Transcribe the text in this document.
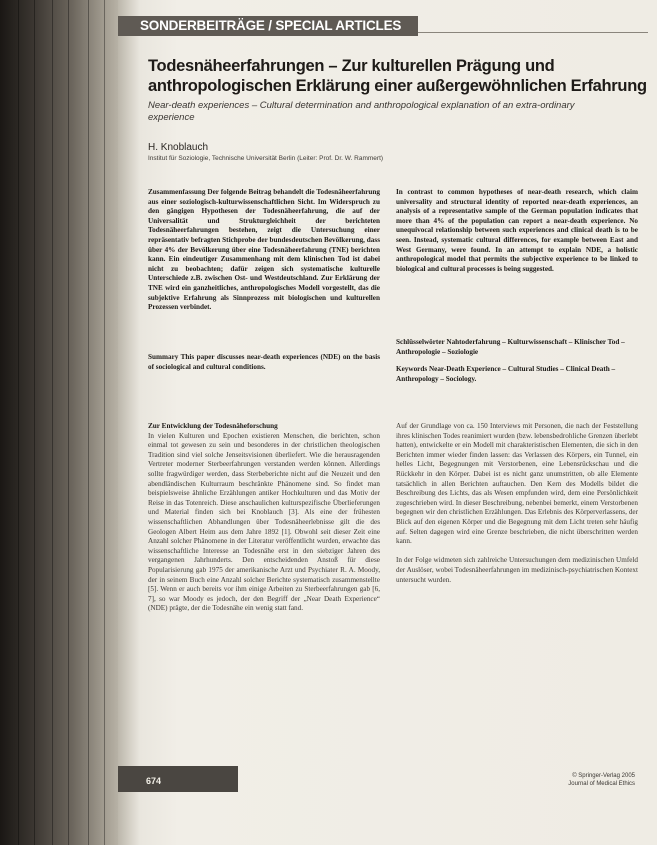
SONDERBEITRÄGE / SPECIAL ARTICLES
Todesnäheerfahrungen – Zur kulturellen Prägung und anthropologischen Erklärung einer außergewöhnlichen Erfahrung
Near-death experiences – Cultural determination and anthropological explanation of an extra-ordinary experience
H. Knoblauch
Institut für Soziologie, Technische Universität Berlin (Leiter: Prof. Dr. W. Rammert)

Zusammenfassung Der folgende Beitrag behandelt die Todesnäheerfahrung aus einer soziologisch-kulturwissenschaftlichen Sicht. Im Widerspruch zu den gängigen Hypothesen der Todesnäheerfahrung, die auf der Universalität und Strukturgleichheit der berichteten Todesnäheerfahrungen bestehen, zeigt die Untersuchung einer repräsentativ befragten Stichprobe der bundesdeutschen Bevölkerung, dass über 4% der Bevölkerung über eine Todesnäheerfahrung (TNE) berichten kann. Ein eindeutiger Zusammenhang mit dem klinischen Tod ist dabei nicht zu beobachten; dafür zeigen sich systematische kulturelle Unterschiede z.B. zwischen Ost- und Westdeutschland. Zur Erklärung der TNE wird ein ganzheitliches, anthropologisches Modell vorgestellt, das die subjektive Erfahrung als Sinnprozess mit biologischen und kulturellen Prozessen verbindet.

Summary This paper discusses near-death experiences (NDE) on the basis of sociological and cultural conditions.

In contrast to common hypotheses of near-death research, which claim universality and structural identity of reported near-death experiences, an analysis of a representative sample of the German population indicates that more than 4% of the population can report a near-death experience. No unequivocal relationship between such experiences and clinical death is to be seen. Instead, systematic cultural differences, for example between East and West Germany, were found. In an attempt to explain NDE, a holistic anthropological model that permits the subjective experience to be linked to biological and cultural processes is being suggested.

Schlüsselwörter Nahtoderfahrung – Kulturwissenschaft – Klinischer Tod – Anthropologie – Soziologie
Keywords Near-Death Experience – Cultural Studies – Clinical Death – Anthropology – Sociology.
Zur Entwicklung der Todesnäheforschung

In vielen Kulturen und Epochen existieren Menschen, die berichten, schon einmal tot gewesen zu sein und besonderes in der christlichen theologischen Tradition sind viel solche Jenseitsvisionen überliefert. Wie die herausragenden Vertreter moderner Sterbeerfahrungen verstanden werden können. Allerdings sollte fragwürdiger werden, dass Sterbeberichte nicht auf die Neuzeit und den abendländischen Kulturraum beschränkte Phänomene sind. So findet man beispielsweise ähnliche Erzählungen antiker Hochkulturen und das Motiv der Reise in das Totenreich. Diese anschaulichen kulturspezifische Überlieferungen und Material finden sich bei Knoblauch [3]. Als eine der frühesten wissenschaftlichen Abhandlungen über Todesnäheerlebnisse gilt die des Geologen Albert Heim aus dem Jahre 1892 [1]. Obwohl seit dieser Zeit eine Anzahl solcher Phänomene in der Literatur veröffentlicht wurden, erwachte das wissenschaftliche Interesse an Todesnähe erst in den siebziger Jahren des vergangenen Jahrhunderts. Den entscheidenden Anstoß für diese Popularisierung gab 1975 der amerikanische Arzt und Psychiater R. A. Moody, der in seinem Buch eine Anzahl solcher Berichte systematisch zusammenstellte [5]. Wenn er auch bereits vor ihm einige Arbeiten zu Sterbeerfahrungen gab [6, 7], so war Moody es jedoch, der den Begriff der „Near Death Experience“ (NDE) prägte, der die Todesnähe ein wenig statt fand.

Auf der Grundlage von ca. 150 Interviews mit Personen, die nach der Feststellung ihres klinischen Todes reanimiert wurden (bzw. lebensbedrohliche Grenzen überlebt hatten), entwickelte er ein Modell mit charakteristischen Elementen, die sich in den Berichten immer wieder finden lassen: das Verlassen des Körpers, ein Tunnel, ein helles Licht, Begegnungen mit Verstorbenen, eine Lebensrückschau und die Rückkehr in den Körper. Dabei ist es nicht ganz unumstritten, ob alle Elemente tatsächlich in allen Berichten auftauchen. Den Kern des Modells bildet die Beschreibung des Lichts, das als Wesen empfunden wird, dem eine Persönlichkeit zugeschrieben wird. In dieser Beschreibung, nebenbei bemerkt, einem Verstorbenen begegnen wir den christlichen Erzählungen. Das Erlebnis des Körperverlassens, der Blick auf den eigenen Körper und die Begegnung mit dem Licht treten sehr häufig auf. Selten dagegen wird eine Grenze beschrieben, die nicht überschritten werden kann.

In der Folge widmeten sich zahlreiche Untersuchungen dem medizinischen Umfeld der Auslöser, wobei Todesnäheerfahrungen im medizinisch-psychiatrischen Kontext untersucht wurden.

674	© Springer-Verlag 2005
Journal of Medical Ethics
